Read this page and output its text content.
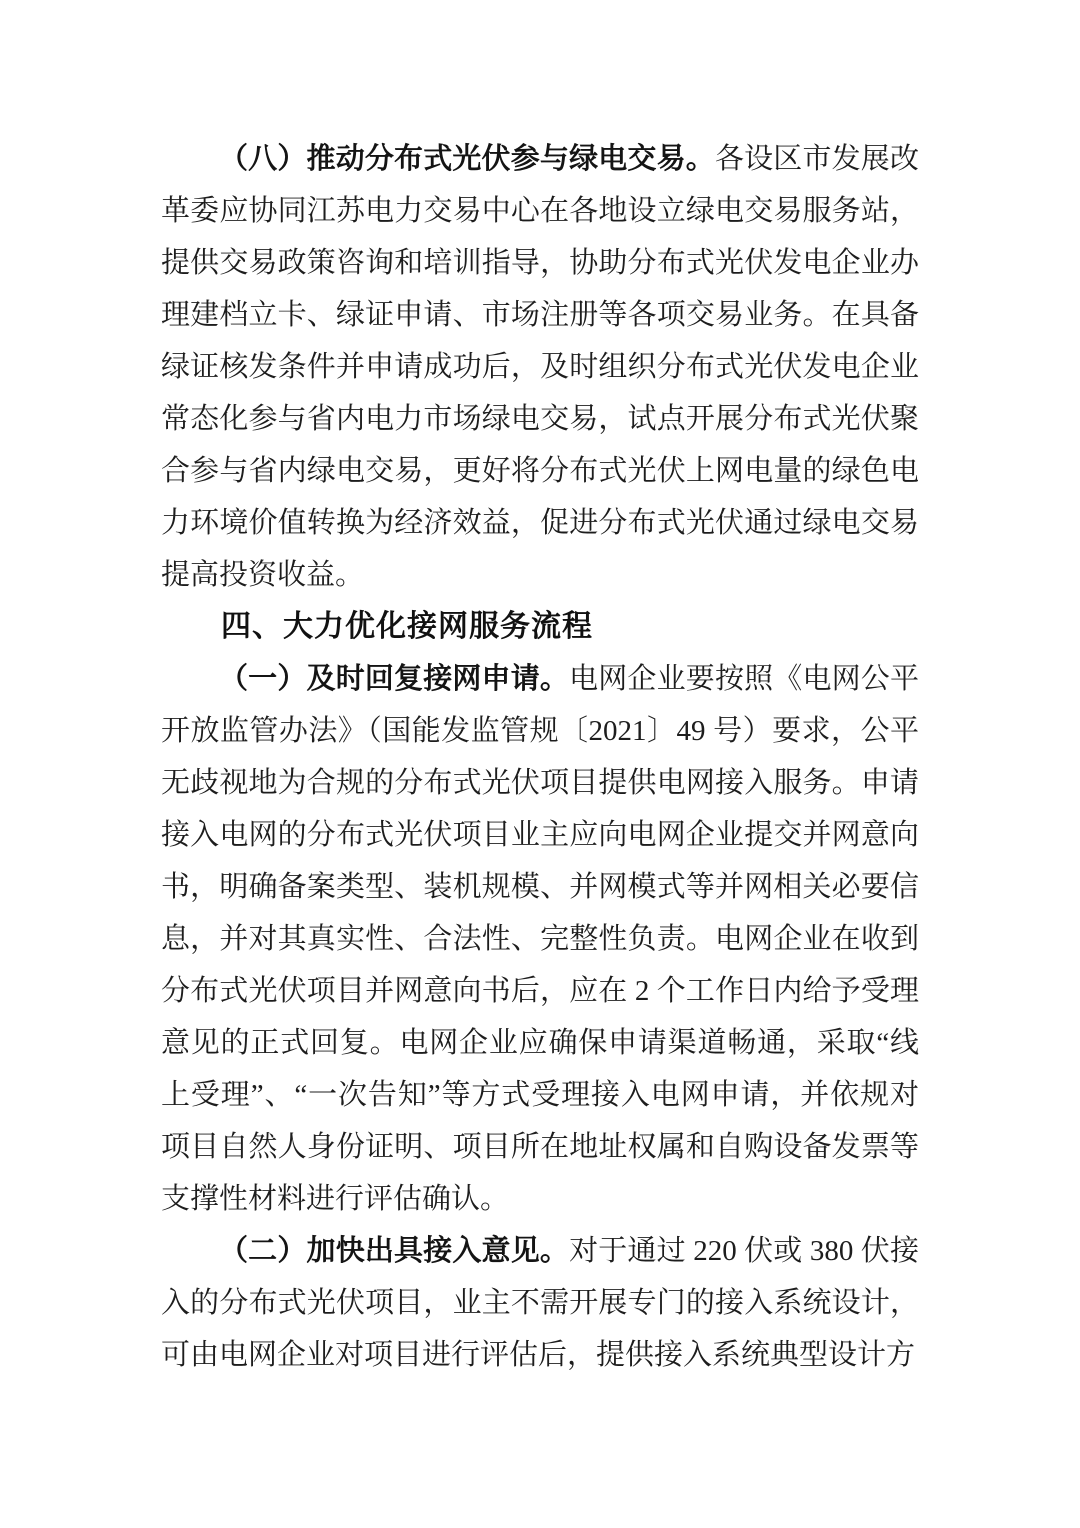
（八）推动分布式光伏参与绿电交易。各设区市发展改革委应协同江苏电力交易中心在各地设立绿电交易服务站，提供交易政策咨询和培训指导，协助分布式光伏发电企业办理建档立卡、绿证申请、市场注册等各项交易业务。在具备绿证核发条件并申请成功后，及时组织分布式光伏发电企业常态化参与省内电力市场绿电交易，试点开展分布式光伏聚合参与省内绿电交易，更好将分布式光伏上网电量的绿色电力环境价值转换为经济效益，促进分布式光伏通过绿电交易提高投资收益。

四、大力优化接网服务流程

（一）及时回复接网申请。电网企业要按照《电网公平开放监管办法》（国能发监管规〔2021〕49 号）要求，公平无歧视地为合规的分布式光伏项目提供电网接入服务。申请接入电网的分布式光伏项目业主应向电网企业提交并网意向书，明确备案类型、装机规模、并网模式等并网相关必要信息，并对其真实性、合法性、完整性负责。电网企业在收到分布式光伏项目并网意向书后，应在 2 个工作日内给予受理意见的正式回复。电网企业应确保申请渠道畅通，采取“线上受理”、“一次告知”等方式受理接入电网申请，并依规对项目自然人身份证明、项目所在地址权属和自购设备发票等支撑性材料进行评估确认。

（二）加快出具接入意见。对于通过 220 伏或 380 伏接入的分布式光伏项目，业主不需开展专门的接入系统设计，可由电网企业对项目进行评估后，提供接入系统典型设计方
